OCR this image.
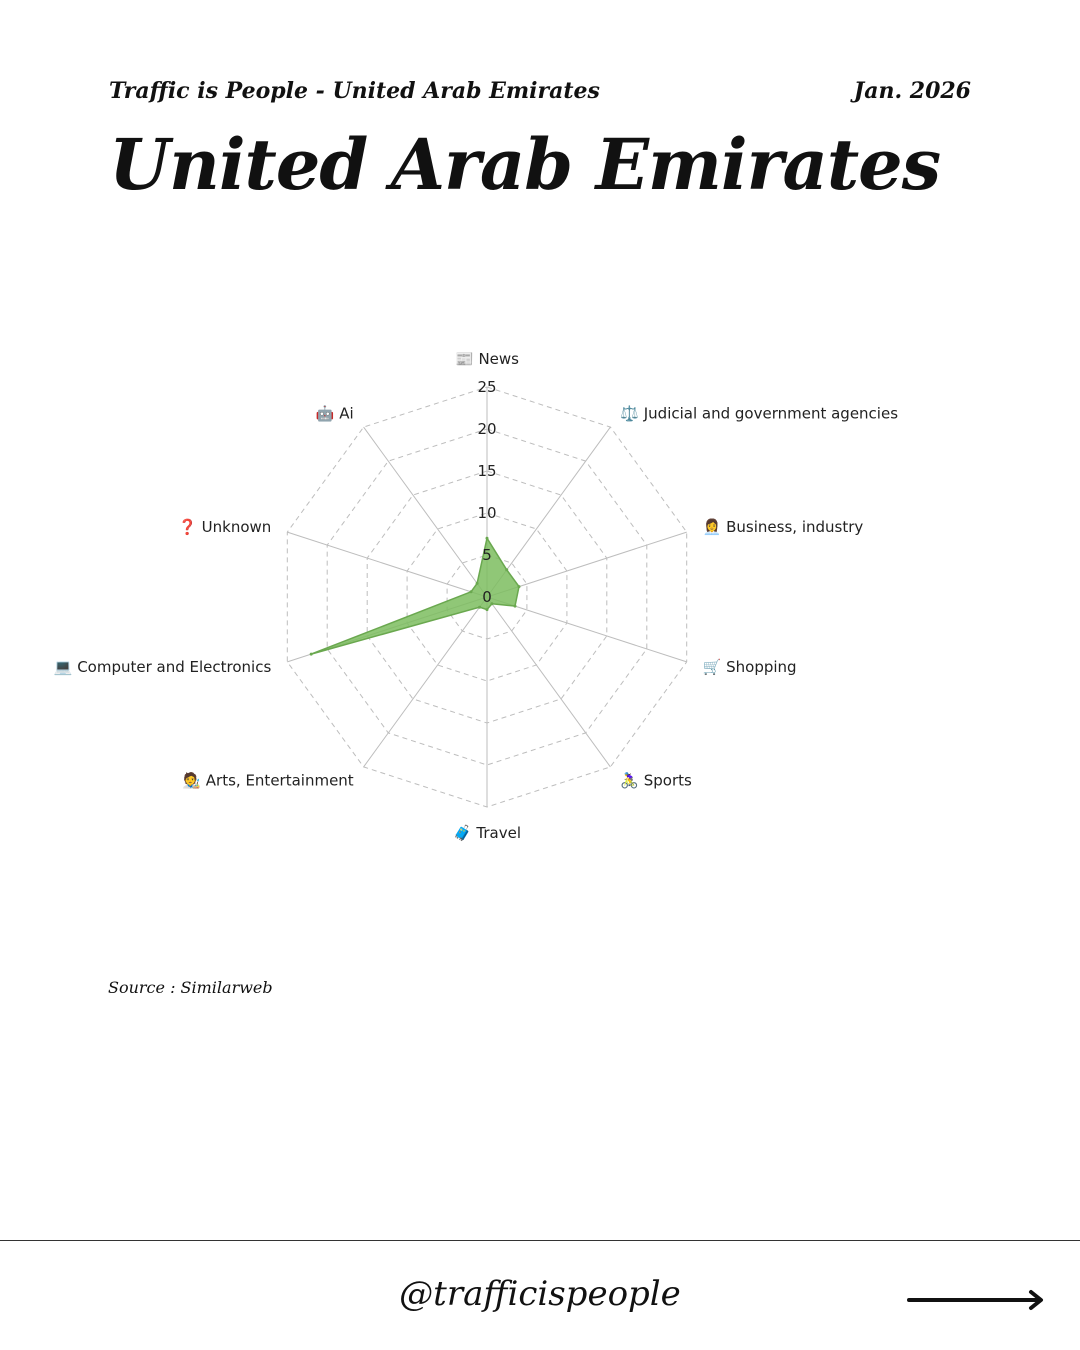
Traffic is People - United Arab Emirates	Jan. 2026
United Arab Emirates
0
5
10
15
20
25
📰 News
⚖️ Judicial and government agencies
👩‍💼 Business, industry
🛒 Shopping
🚴‍♀️ Sports
🧳 Travel
🧑‍🎨 Arts, Entertainment
💻 Computer and Electronics
❓ Unknown
🤖 Ai
Source : Similarweb
@trafficispeople
